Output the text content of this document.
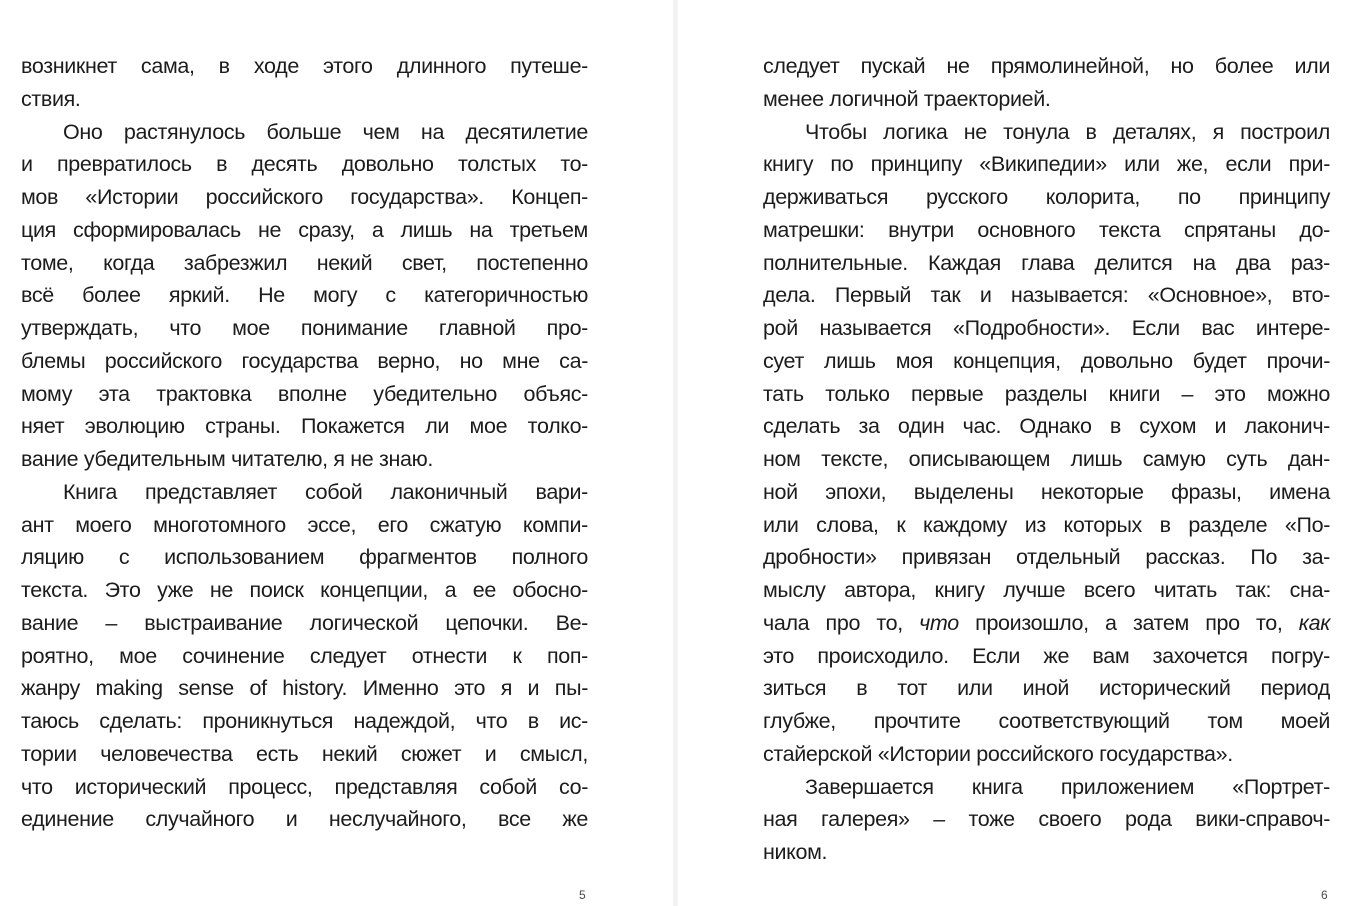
возникнет сама, в ходе этого длинного путеше-
ствия.
Оно растянулось больше чем на десятилетие
и превратилось в десять довольно толстых то-
мов «Истории российского государства». Концеп-
ция сформировалась не сразу, а лишь на третьем
томе, когда забрезжил некий свет, постепенно
всё более яркий. Не могу с категоричностью
утверждать, что мое понимание главной про-
блемы российского государства верно, но мне са-
мому эта трактовка вполне убедительно объяс-
няет эволюцию страны. Покажется ли мое толко-
вание убедительным читателю, я не знаю.
Книга представляет собой лаконичный вари-
ант моего многотомного эссе, его сжатую компи-
ляцию с использованием фрагментов полного
текста. Это уже не поиск концепции, а ее обосно-
вание – выстраивание логической цепочки. Ве-
роятно, мое сочинение следует отнести к поп-
жанру making sense of history. Именно это я и пы-
таюсь сделать: проникнуться надеждой, что в ис-
тории человечества есть некий сюжет и смысл,
что исторический процесс, представляя собой со-
единение случайного и неслучайного, все же
5
следует пускай не прямолинейной, но более или
менее логичной траекторией.
Чтобы логика не тонула в деталях, я построил
книгу по принципу «Википедии» или же, если при-
держиваться русского колорита, по принципу
матрешки: внутри основного текста спрятаны до-
полнительные. Каждая глава делится на два раз-
дела. Первый так и называется: «Основное», вто-
рой называется «Подробности». Если вас интере-
сует лишь моя концепция, довольно будет прочи-
тать только первые разделы книги – это можно
сделать за один час. Однако в сухом и лаконич-
ном тексте, описывающем лишь самую суть дан-
ной эпохи, выделены некоторые фразы, имена
или слова, к каждому из которых в разделе «По-
дробности» привязан отдельный рассказ. По за-
мыслу автора, книгу лучше всего читать так: сна-
чала про то, что произошло, а затем про то, как
это происходило. Если же вам захочется погру-
зиться в тот или иной исторический период
глубже, прочтите соответствующий том моей
стайерской «Истории российского государства».
Завершается книга приложением «Портрет-
ная галерея» – тоже своего рода вики-справоч-
ником.
6
